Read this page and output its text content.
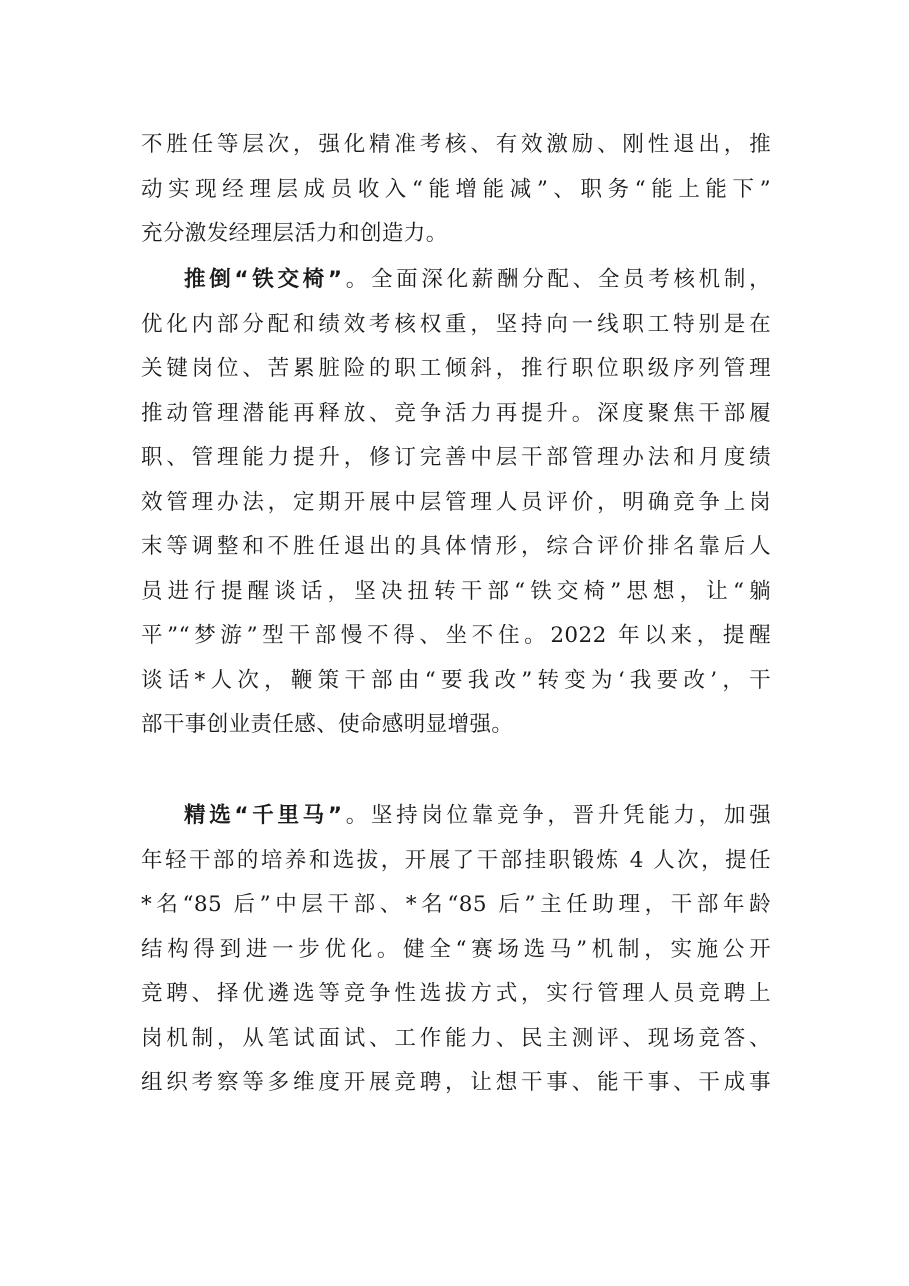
不胜任等层次，强化精准考核、有效激励、刚性退出，推
动实现经理层成员收入“能增能减”、职务“能上能下”
充分激发经理层活力和创造力。
推倒“铁交椅”。全面深化薪酬分配、全员考核机制，
优化内部分配和绩效考核权重，坚持向一线职工特别是在
关键岗位、苦累脏险的职工倾斜，推行职位职级序列管理
推动管理潜能再释放、竞争活力再提升。深度聚焦干部履
职、管理能力提升，修订完善中层干部管理办法和月度绩
效管理办法，定期开展中层管理人员评价，明确竞争上岗
末等调整和不胜任退出的具体情形，综合评价排名靠后人
员进行提醒谈话，坚决扭转干部“铁交椅”思想，让“躺
平”“梦游”型干部慢不得、坐不住。2022 年以来，提醒
谈话*人次，鞭策干部由“要我改”转变为‘我要改’，干
部干事创业责任感、使命感明显增强。
精选“千里马”。坚持岗位靠竞争，晋升凭能力，加强
年轻干部的培养和选拔，开展了干部挂职锻炼 4 人次，提任
*名“85 后”中层干部、*名“85 后”主任助理，干部年龄
结构得到进一步优化。健全“赛场选马”机制，实施公开
竞聘、择优遴选等竞争性选拔方式，实行管理人员竞聘上
岗机制，从笔试面试、工作能力、民主测评、现场竞答、
组织考察等多维度开展竞聘，让想干事、能干事、干成事
